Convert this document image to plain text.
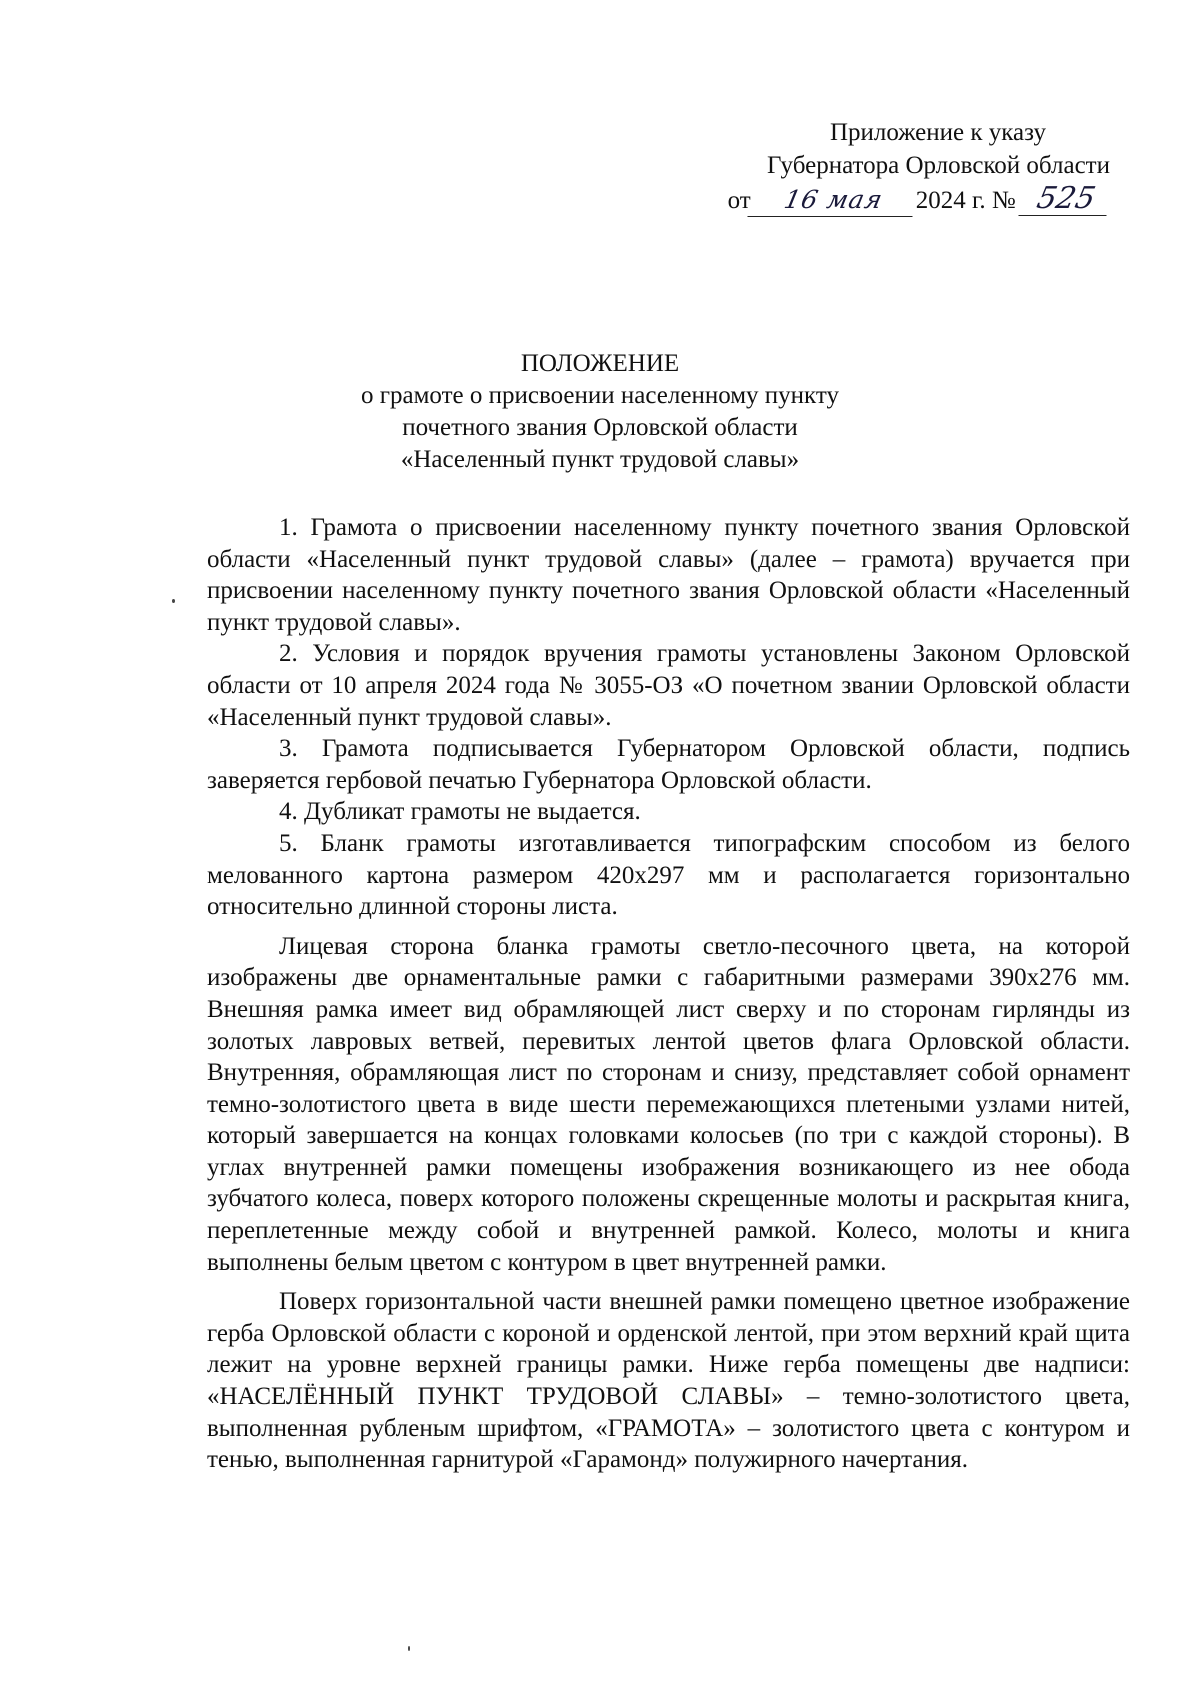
Приложение к указу
Губернатора Орловской области
от 16 мая 2024 г. № 525
ПОЛОЖЕНИЕ
о грамоте о присвоении населенному пункту
почетного звания Орловской области
«Населенный пункт трудовой славы»

1. Грамота о присвоении населенному пункту почетного звания Орловской области «Населенный пункт трудовой славы» (далее – грамота) вручается при присвоении населенному пункту почетного звания Орловской области «Населенный пункт трудовой славы».

2. Условия и порядок вручения грамоты установлены Законом Орловской области от 10 апреля 2024 года № 3055-ОЗ «О почетном звании Орловской области «Населенный пункт трудовой славы».

3. Грамота подписывается Губернатором Орловской области, подпись заверяется гербовой печатью Губернатора Орловской области.

4. Дубликат грамоты не выдается.

5. Бланк грамоты изготавливается типографским способом из белого мелованного картона размером 420x297 мм и располагается горизонтально относительно длинной стороны листа.

Лицевая сторона бланка грамоты светло-песочного цвета, на которой изображены две орнаментальные рамки с габаритными размерами 390x276 мм. Внешняя рамка имеет вид обрамляющей лист сверху и по сторонам гирлянды из золотых лавровых ветвей, перевитых лентой цветов флага Орловской области. Внутренняя, обрамляющая лист по сторонам и снизу, представляет собой орнамент темно-золотистого цвета в виде шести перемежающихся плетеными узлами нитей, который завершается на концах головками колосьев (по три с каждой стороны). В углах внутренней рамки помещены изображения возникающего из нее обода зубчатого колеса, поверх которого положены скрещенные молоты и раскрытая книга, переплетенные между собой и внутренней рамкой. Колесо, молоты и книга выполнены белым цветом с контуром в цвет внутренней рамки.

Поверх горизонтальной части внешней рамки помещено цветное изображение герба Орловской области с короной и орденской лентой, при этом верхний край щита лежит на уровне верхней границы рамки. Ниже герба помещены две надписи: «НАСЕЛЁННЫЙ ПУНКТ ТРУДОВОЙ СЛАВЫ» – темно-золотистого цвета, выполненная рубленым шрифтом, «ГРАМОТА» – золотистого цвета с контуром и тенью, выполненная гарнитурой «Гарамонд» полужирного начертания.
